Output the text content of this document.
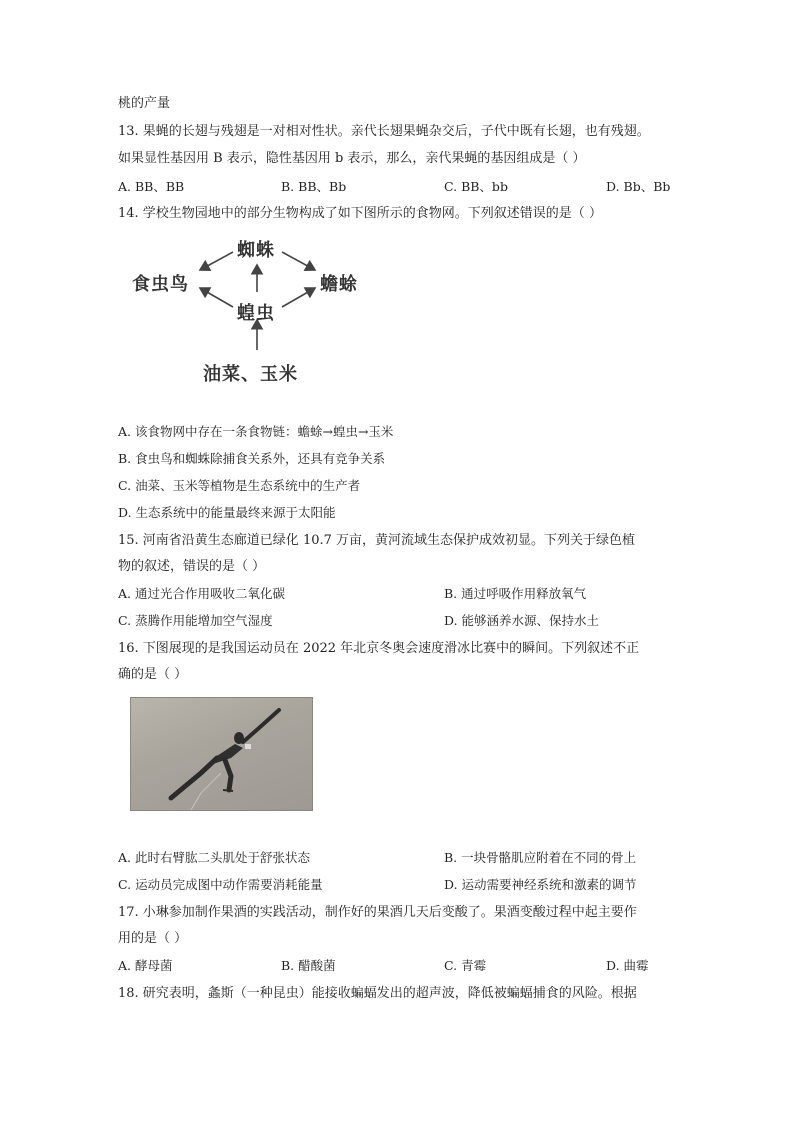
桃的产量
13. 果蝇的长翅与残翅是一对相对性状。亲代长翅果蝇杂交后，子代中既有长翅，也有残翅。
如果显性基因用 B 表示，隐性基因用 b 表示，那么，亲代果蝇的基因组成是（ ）
A. BB、BB	B. BB、Bb	C. BB、bb	D. Bb、Bb
14. 学校生物园地中的部分生物构成了如下图所示的食物网。下列叙述错误的是（ ）
蜘蛛
食虫鸟	蟾蜍
蝗虫
油菜、玉米
A. 该食物网中存在一条食物链：蟾蜍→蝗虫→玉米
B. 食虫鸟和蜘蛛除捕食关系外，还具有竞争关系
C. 油菜、玉米等植物是生态系统中的生产者
D. 生态系统中的能量最终来源于太阳能
15. 河南省沿黄生态廊道已绿化 10.7 万亩，黄河流域生态保护成效初显。下列关于绿色植
物的叙述，错误的是（ ）
A. 通过光合作用吸收二氧化碳	B. 通过呼吸作用释放氧气
C. 蒸腾作用能增加空气湿度	D. 能够涵养水源、保持水土
16. 下图展现的是我国运动员在 2022 年北京冬奥会速度滑冰比赛中的瞬间。下列叙述不正
确的是（ ）
A. 此时右臂肱二头肌处于舒张状态	B. 一块骨骼肌应附着在不同的骨上
C. 运动员完成图中动作需要消耗能量	D. 运动需要神经系统和激素的调节
17. 小琳参加制作果酒的实践活动，制作好的果酒几天后变酸了。果酒变酸过程中起主要作
用的是（ ）
A. 酵母菌	B. 醋酸菌	C. 青霉	D. 曲霉
18. 研究表明，螽斯（一种昆虫）能接收蝙蝠发出的超声波，降低被蝙蝠捕食的风险。根据
